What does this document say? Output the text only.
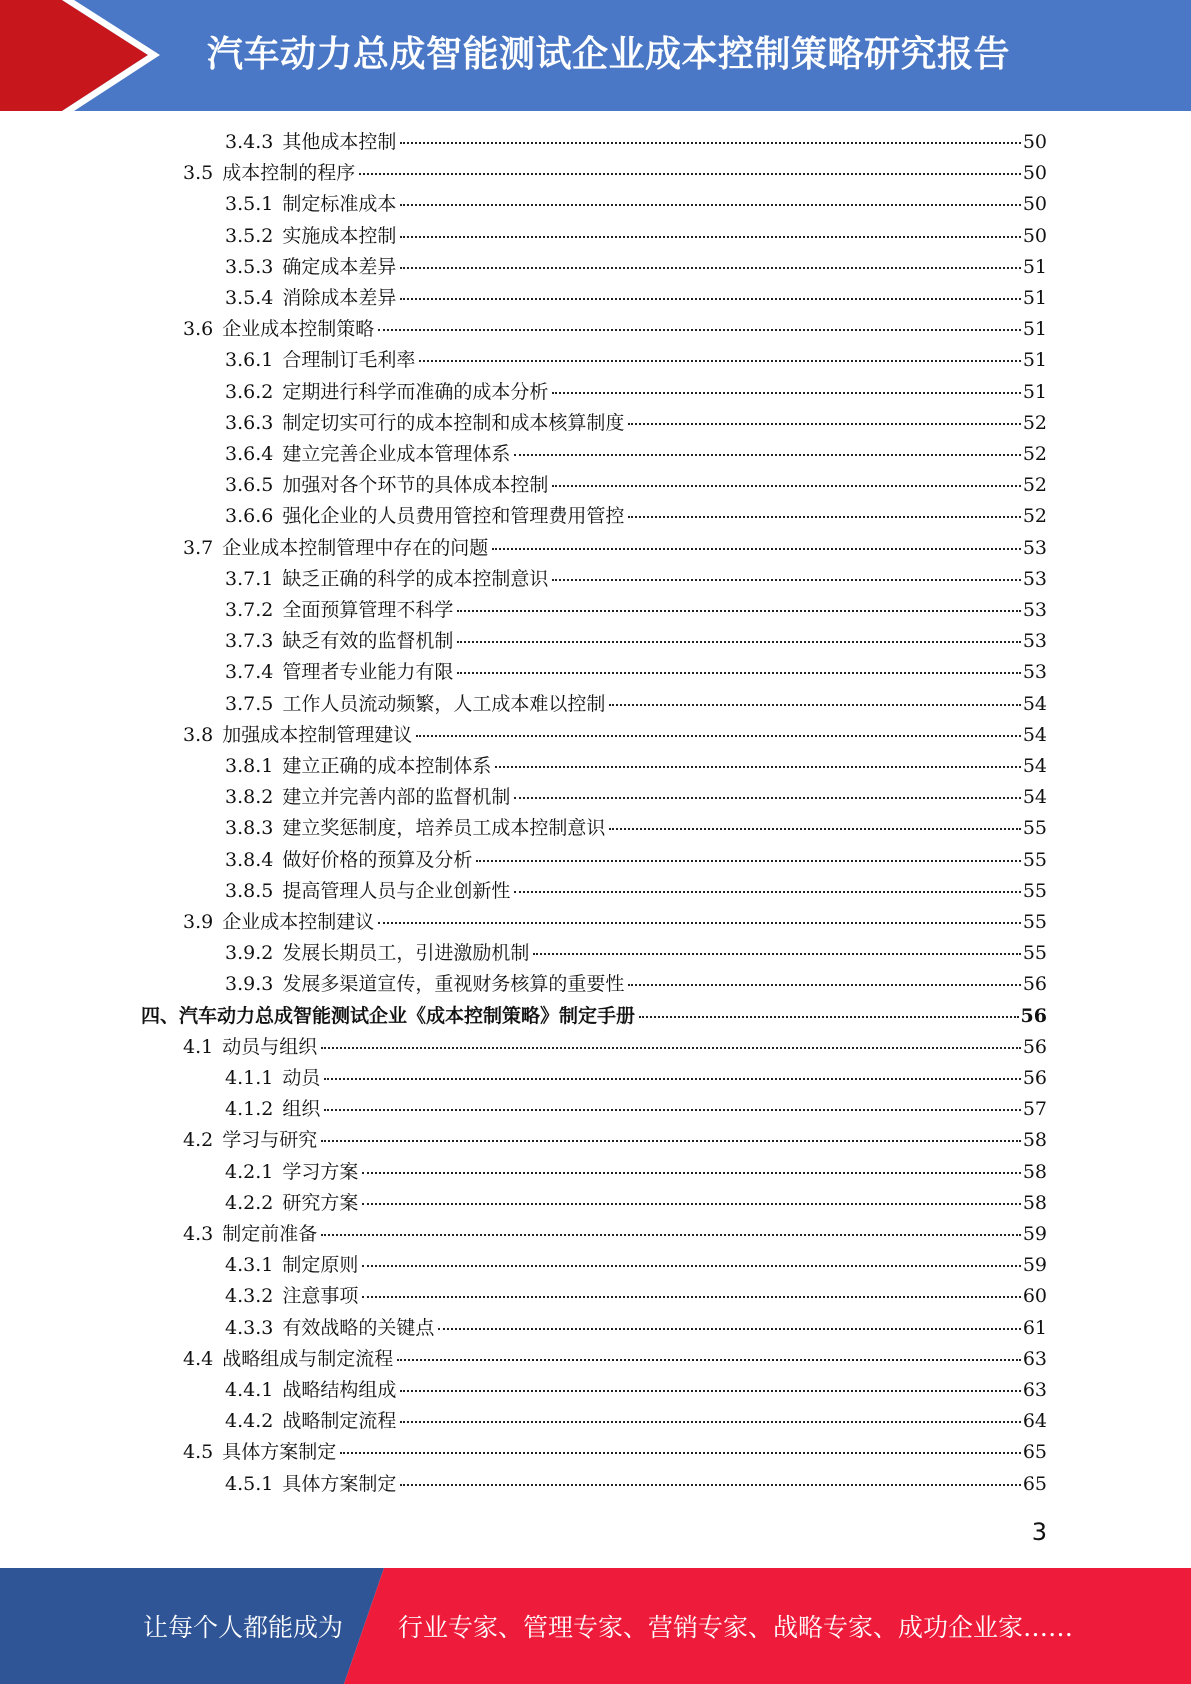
汽车动力总成智能测试企业成本控制策略研究报告
3.4.3 其他成本控制	50
3.5 成本控制的程序	50
3.5.1 制定标准成本	50
3.5.2 实施成本控制	50
3.5.3 确定成本差异	51
3.5.4 消除成本差异	51
3.6 企业成本控制策略	51
3.6.1 合理制订毛利率	51
3.6.2 定期进行科学而准确的成本分析	51
3.6.3 制定切实可行的成本控制和成本核算制度	52
3.6.4 建立完善企业成本管理体系	52
3.6.5 加强对各个环节的具体成本控制	52
3.6.6 强化企业的人员费用管控和管理费用管控	52
3.7 企业成本控制管理中存在的问题	53
3.7.1 缺乏正确的科学的成本控制意识	53
3.7.2 全面预算管理不科学	53
3.7.3 缺乏有效的监督机制	53
3.7.4 管理者专业能力有限	53
3.7.5 工作人员流动频繁，人工成本难以控制	54
3.8 加强成本控制管理建议	54
3.8.1 建立正确的成本控制体系	54
3.8.2 建立并完善内部的监督机制	54
3.8.3 建立奖惩制度，培养员工成本控制意识	55
3.8.4 做好价格的预算及分析	55
3.8.5 提高管理人员与企业创新性	55
3.9 企业成本控制建议	55
3.9.2 发展长期员工，引进激励机制	55
3.9.3 发展多渠道宣传，重视财务核算的重要性	56
四、汽车动力总成智能测试企业《成本控制策略》制定手册	56
4.1 动员与组织	56
4.1.1 动员	56
4.1.2 组织	57
4.2 学习与研究	58
4.2.1 学习方案	58
4.2.2 研究方案	58
4.3 制定前准备	59
4.3.1 制定原则	59
4.3.2 注意事项	60
4.3.3 有效战略的关键点	61
4.4 战略组成与制定流程	63
4.4.1 战略结构组成	63
4.4.2 战略制定流程	64
4.5 具体方案制定	65
4.5.1 具体方案制定	65
3
让每个人都能成为 行业专家、管理专家、营销专家、战略专家、成功企业家……
